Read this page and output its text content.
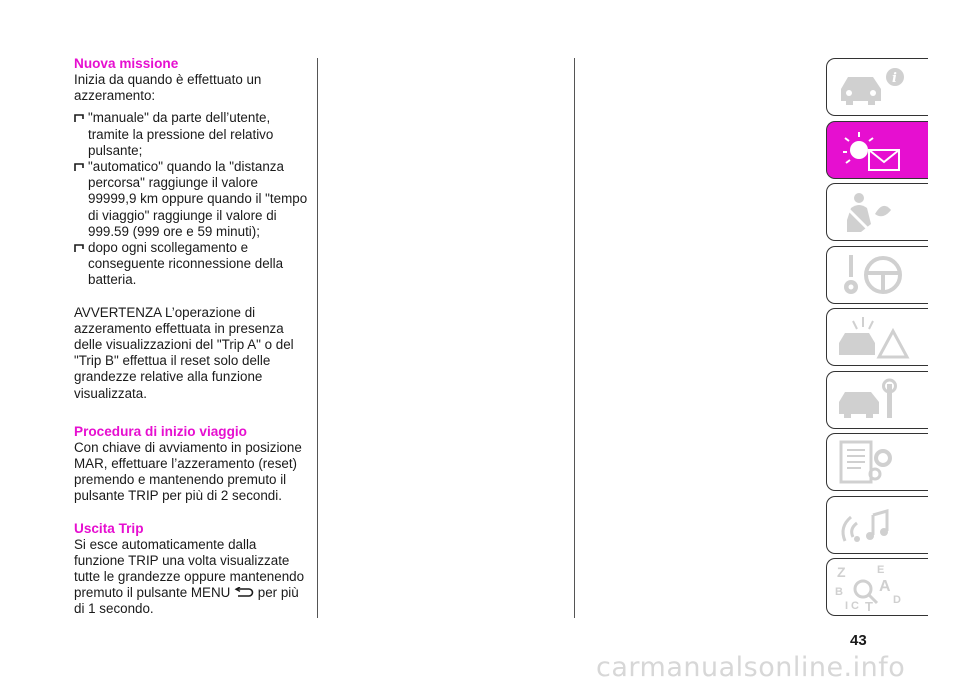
Nuova missione

Inizia da quando è effettuato un azzeramento:

"manuale" da parte dell’utente, tramite la pressione del relativo pulsante;

"automatico" quando la "distanza percorsa" raggiunge il valore 99999,9 km oppure quando il "tempo di viaggio" raggiunge il valore di 999.59 (999 ore e 59 minuti);

dopo ogni scollegamento e conseguente riconnessione della batteria.

AVVERTENZA L’operazione di azzeramento effettuata in presenza delle visualizzazioni del "Trip A" o del "Trip B" effettua il reset solo delle grandezze relative alla funzione visualizzata.

Procedura di inizio viaggio

Con chiave di avviamento in posizione MAR, effettuare l’azzeramento (reset) premendo e mantenendo premuto il pulsante TRIP per più di 2 secondi.

Uscita Trip

Si esce automaticamente dalla funzione TRIP una volta visualizzate tutte le grandezze oppure mantenendo premuto il pulsante MENU per più di 1 secondo.

i
Z	E
A
B
C T D
I
43
carmanualsonline.info
